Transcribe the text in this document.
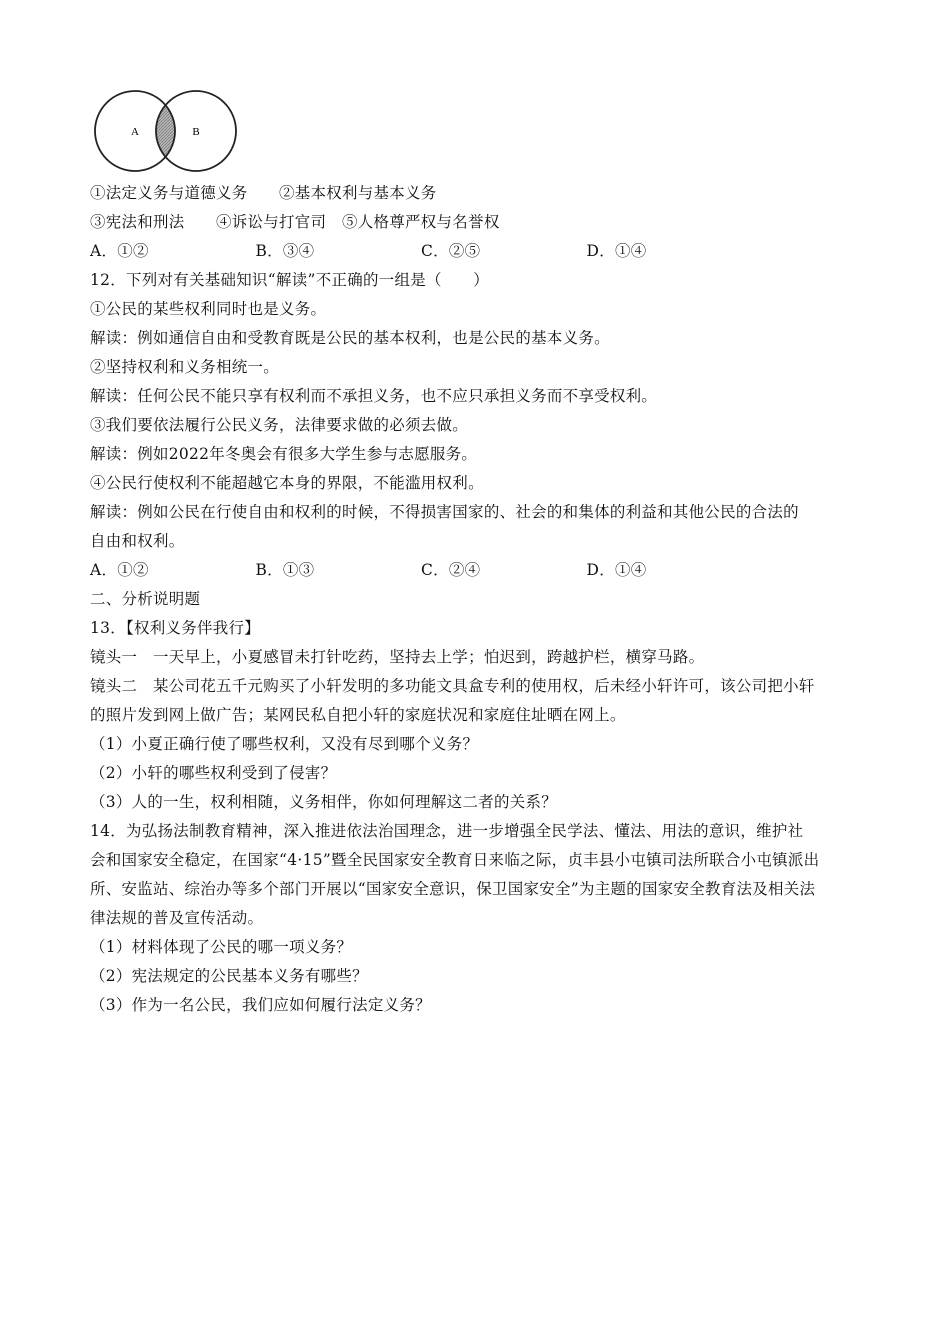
A	B
①法定义务与道德义务　　②基本权利与基本义务
③宪法和刑法　　④诉讼与打官司　⑤人格尊严权与名誉权
A．①②	B．③④	C．②⑤	D．①④
12．下列对有关基础知识“解读”不正确的一组是（　　）
①公民的某些权利同时也是义务。
解读：例如通信自由和受教育既是公民的基本权利，也是公民的基本义务。
②坚持权利和义务相统一。
解读：任何公民不能只享有权利而不承担义务，也不应只承担义务而不享受权利。
③我们要依法履行公民义务，法律要求做的必须去做。
解读：例如2022年冬奥会有很多大学生参与志愿服务。
④公民行使权利不能超越它本身的界限，不能滥用权利。
解读：例如公民在行使自由和权利的时候，不得损害国家的、社会的和集体的利益和其他公民的合法的
自由和权利。
A．①②	B．①③	C．②④	D．①④
二、分析说明题
13．【权利义务伴我行】
镜头一　一天早上，小夏感冒未打针吃药，坚持去上学；怕迟到，跨越护栏，横穿马路。
镜头二　某公司花五千元购买了小轩发明的多功能文具盒专利的使用权，后未经小轩许可，该公司把小轩
的照片发到网上做广告；某网民私自把小轩的家庭状况和家庭住址晒在网上。
（1）小夏正确行使了哪些权利，又没有尽到哪个义务？
（2）小轩的哪些权利受到了侵害？
（3）人的一生，权利相随，义务相伴，你如何理解这二者的关系？
14．为弘扬法制教育精神，深入推进依法治国理念，进一步增强全民学法、懂法、用法的意识，维护社
会和国家安全稳定，在国家“4·15”暨全民国家安全教育日来临之际，贞丰县小屯镇司法所联合小屯镇派出
所、安监站、综治办等多个部门开展以“国家安全意识，保卫国家安全”为主题的国家安全教育法及相关法
律法规的普及宣传活动。
（1）材料体现了公民的哪一项义务？
（2）宪法规定的公民基本义务有哪些？
（3）作为一名公民，我们应如何履行法定义务？
